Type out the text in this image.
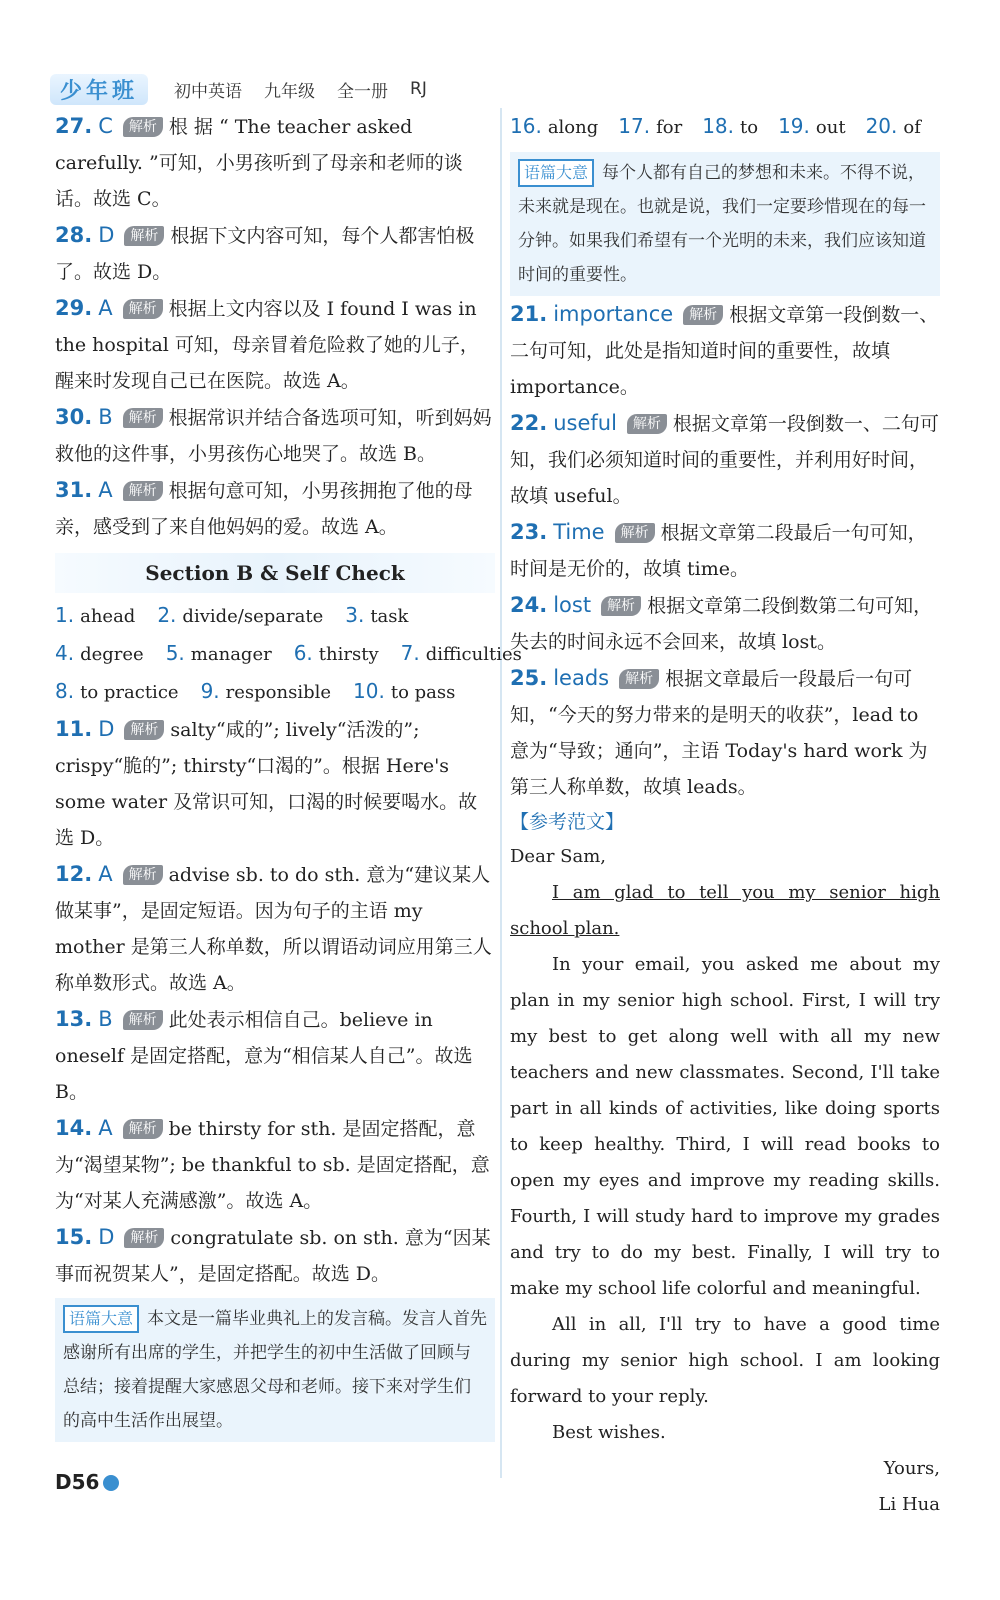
少年班	初中英语 九年级 全一册 RJ

27. C 解析 根 据 “ The teacher asked carefully. ”可知，小男孩听到了母亲和老师的谈话。故选 C。

28. D 解析 根据下文内容可知，每个人都害怕极了。故选 D。

29. A 解析 根据上文内容以及 I found I was in the hospital 可知，母亲冒着危险救了她的儿子，醒来时发现自己已在医院。故选 A。

30. B 解析 根据常识并结合备选项可知，听到妈妈救他的这件事，小男孩伤心地哭了。故选 B。

31. A 解析 根据句意可知，小男孩拥抱了他的母亲，感受到了来自他妈妈的爱。故选 A。

Section B & Self Check

1. ahead 2. divide/separate 3. task

4. degree 5. manager 6. thirsty 7. difficulties

8. to practice 9. responsible 10. to pass

11. D 解析 salty“咸的”; lively“活泼的”; crispy“脆的”; thirsty“口渴的”。根据 Here's some water 及常识可知，口渴的时候要喝水。故选 D。

12. A 解析 advise sb. to do sth. 意为“建议某人做某事”，是固定短语。因为句子的主语 my mother 是第三人称单数，所以谓语动词应用第三人称单数形式。故选 A。

13. B 解析 此处表示相信自己。believe in oneself 是固定搭配，意为“相信某人自己”。故选 B。

14. A 解析 be thirsty for sth. 是固定搭配，意为“渴望某物”; be thankful to sb. 是固定搭配，意为“对某人充满感激”。故选 A。

15. D 解析 congratulate sb. on sth. 意为“因某事而祝贺某人”，是固定搭配。故选 D。

语篇大意 本文是一篇毕业典礼上的发言稿。发言人首先感谢所有出席的学生，并把学生的初中生活做了回顾与总结；接着提醒大家感恩父母和老师。接下来对学生们的高中生活作出展望。

16. along 17. for 18. to 19. out 20. of

语篇大意 每个人都有自己的梦想和未来。不得不说，未来就是现在。也就是说，我们一定要珍惜现在的每一分钟。如果我们希望有一个光明的未来，我们应该知道时间的重要性。

21. importance 解析 根据文章第一段倒数一、二句可知，此处是指知道时间的重要性，故填 importance。

22. useful 解析 根据文章第一段倒数一、二句可知，我们必须知道时间的重要性，并利用好时间，故填 useful。

23. Time 解析 根据文章第二段最后一句可知，时间是无价的，故填 time。

24. lost 解析 根据文章第二段倒数第二句可知，失去的时间永远不会回来，故填 lost。

25. leads 解析 根据文章最后一段最后一句可知，“今天的努力带来的是明天的收获”，lead to 意为“导致；通向”，主语 Today's hard work 为第三人称单数，故填 leads。

【参考范文】

Dear Sam,

I am glad to tell you my senior high school plan.

In your email, you asked me about my plan in my senior high school. First, I will try my best to get along well with all my new teachers and new classmates. Second, I'll take part in all kinds of activities, like doing sports to keep healthy. Third, I will read books to open my eyes and improve my reading skills. Fourth, I will study hard to improve my grades and try to do my best. Finally, I will try to make my school life colorful and meaningful.

All in all, I'll try to have a good time during my senior high school. I am looking forward to your reply.

Best wishes.

Yours,

Li Hua

D56
